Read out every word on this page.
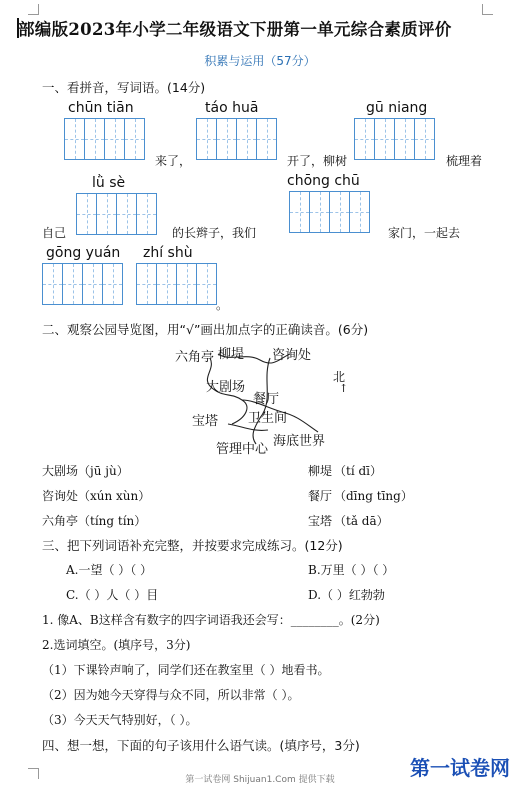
部编版2023年小学二年级语文下册第一单元综合素质评价
积累与运用（57分）
一、看拼音，写词语。(14分)
chūn tiān	táo huā	gū niang
来了，	开了，柳树	梳理着
lǜ sè	chōng chū
自己	的长辫子，我们	家门，一起去
gōng yuán zhí shù
。
二、观察公园导览图，用“√”画出加点字的正确读音。(6分)
六角亭 柳堤 咨询处
大剧场
餐厅
宝塔 卫生间
管理中心
海底世界
北
↑
大剧场 （jū jù）	柳堤 （tí dī）
咨询处 （xún xùn）	餐厅 （dīng tīng）
六角亭 （tíng tín）	宝塔 （tǎ dā）
三、把下列词语补充完整，并按要求完成练习。(12分)
A.一望（ ）（ ）	B.万里（ ）（ ）
C.（ ）人（ ）目	D.（ ）红勃勃
1. 像A、B这样含有数字的四字词语我还会写：________。(2分)
2.选词填空。(填序号，3分)
（1）下课铃声响了，同学们还在教室里（ ）地看书。
（2）因为她今天穿得与众不同，所以非常（ ）。
（3）今天天气特别好，（ ）。
四、想一想，下面的句子该用什么语气读。(填序号，3分)
第一试卷网
第一试卷网 Shijuan1.Com 提供下载
